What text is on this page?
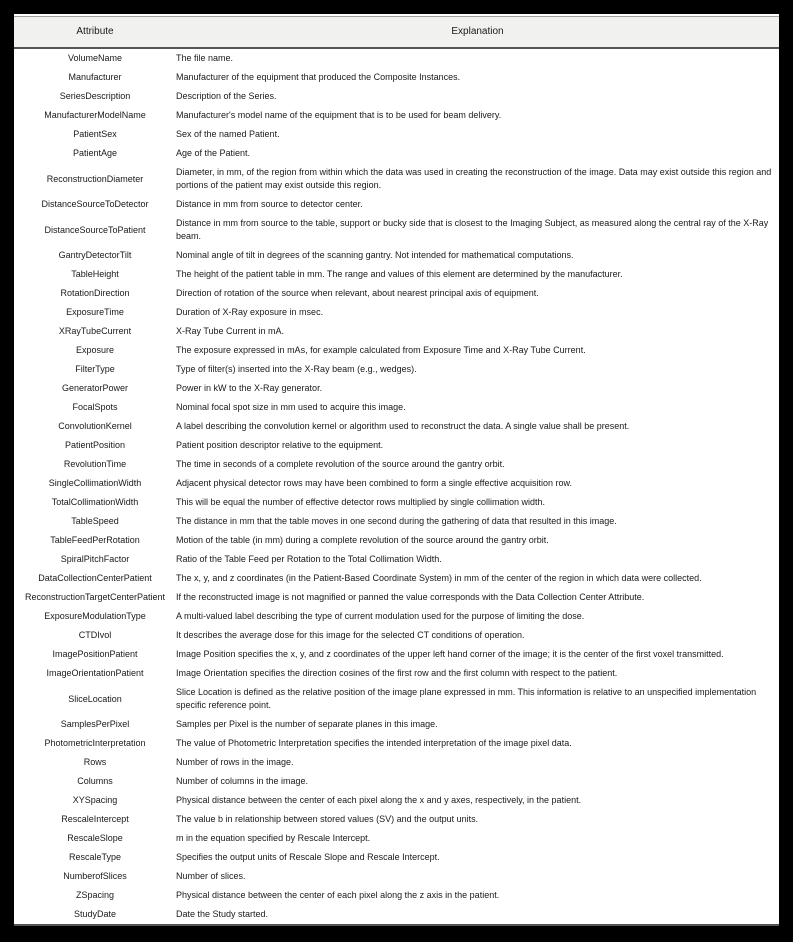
Attribute	Explanation
VolumeName	The file name.
Manufacturer	Manufacturer of the equipment that produced the Composite Instances.
SeriesDescription	Description of the Series.
ManufacturerModelName	Manufacturer's model name of the equipment that is to be used for beam delivery.
PatientSex	Sex of the named Patient.
PatientAge	Age of the Patient.
ReconstructionDiameter	Diameter, in mm, of the region from within which the data was used in creating the reconstruction of the image. Data may exist outside this region and portions of the patient may exist outside this region.
DistanceSourceToDetector	Distance in mm from source to detector center.
DistanceSourceToPatient	Distance in mm from source to the table, support or bucky side that is closest to the Imaging Subject, as measured along the central ray of the X-Ray beam.
GantryDetectorTilt	Nominal angle of tilt in degrees of the scanning gantry. Not intended for mathematical computations.
TableHeight	The height of the patient table in mm. The range and values of this element are determined by the manufacturer.
RotationDirection	Direction of rotation of the source when relevant, about nearest principal axis of equipment.
ExposureTime	Duration of X-Ray exposure in msec.
XRayTubeCurrent	X-Ray Tube Current in mA.
Exposure	The exposure expressed in mAs, for example calculated from Exposure Time and X-Ray Tube Current.
FilterType	Type of filter(s) inserted into the X-Ray beam (e.g., wedges).
GeneratorPower	Power in kW to the X-Ray generator.
FocalSpots	Nominal focal spot size in mm used to acquire this image.
ConvolutionKernel	A label describing the convolution kernel or algorithm used to reconstruct the data. A single value shall be present.
PatientPosition	Patient position descriptor relative to the equipment.
RevolutionTime	The time in seconds of a complete revolution of the source around the gantry orbit.
SingleCollimationWidth	Adjacent physical detector rows may have been combined to form a single effective acquisition row.
TotalCollimationWidth	This will be equal the number of effective detector rows multiplied by single collimation width.
TableSpeed	The distance in mm that the table moves in one second during the gathering of data that resulted in this image.
TableFeedPerRotation	Motion of the table (in mm) during a complete revolution of the source around the gantry orbit.
SpiralPitchFactor	Ratio of the Table Feed per Rotation to the Total Collimation Width.
DataCollectionCenterPatient	The x, y, and z coordinates (in the Patient-Based Coordinate System) in mm of the center of the region in which data were collected.
ReconstructionTargetCenterPatient	If the reconstructed image is not magnified or panned the value corresponds with the Data Collection Center Attribute.
ExposureModulationType	A multi-valued label describing the type of current modulation used for the purpose of limiting the dose.
CTDIvol	It describes the average dose for this image for the selected CT conditions of operation.
ImagePositionPatient	Image Position specifies the x, y, and z coordinates of the upper left hand corner of the image; it is the center of the first voxel transmitted.
ImageOrientationPatient	Image Orientation specifies the direction cosines of the first row and the first column with respect to the patient.
SliceLocation	Slice Location is defined as the relative position of the image plane expressed in mm. This information is relative to an unspecified implementation specific reference point.
SamplesPerPixel	Samples per Pixel is the number of separate planes in this image.
PhotometricInterpretation	The value of Photometric Interpretation specifies the intended interpretation of the image pixel data.
Rows	Number of rows in the image.
Columns	Number of columns in the image.
XYSpacing	Physical distance between the center of each pixel along the x and y axes, respectively, in the patient.
RescaleIntercept	The value b in relationship between stored values (SV) and the output units.
RescaleSlope	m in the equation specified by Rescale Intercept.
RescaleType	Specifies the output units of Rescale Slope and Rescale Intercept.
NumberofSlices	Number of slices.
ZSpacing	Physical distance between the center of each pixel along the z axis in the patient.
StudyDate	Date the Study started.
